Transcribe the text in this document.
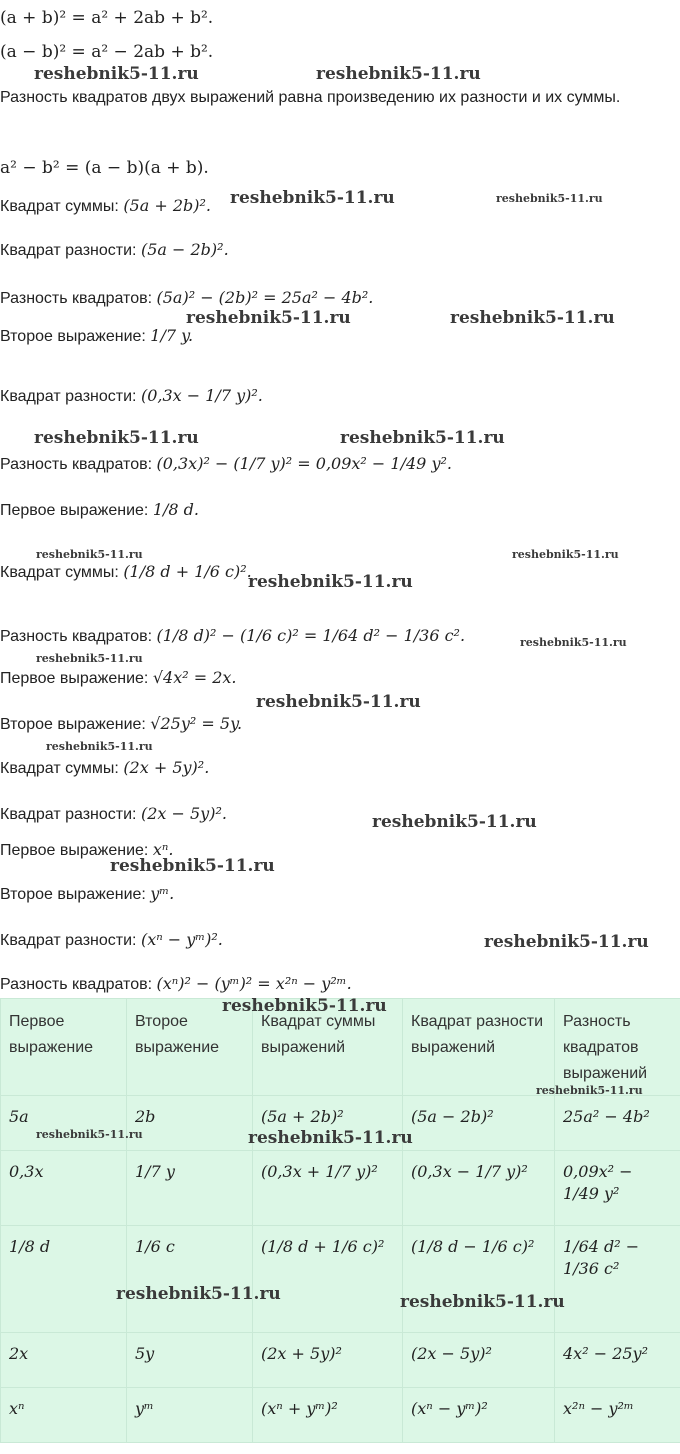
(a + b)² = a² + 2ab + b².
(a − b)² = a² − 2ab + b².
Разность квадратов двух выражений равна произведению их разности и их суммы.
a² − b² = (a − b)(a + b).
Квадрат суммы: (5a + 2b)².
Квадрат разности: (5a − 2b)².
Разность квадратов: (5a)² − (2b)² = 25a² − 4b².
Второе выражение: 1/7 y.
Квадрат разности: (0,3x − 1/7 y)².
Разность квадратов: (0,3x)² − (1/7 y)² = 0,09x² − 1/49 y².
Первое выражение: 1/8 d.
Квадрат суммы: (1/8 d + 1/6 c)².
Разность квадратов: (1/8 d)² − (1/6 c)² = 1/64 d² − 1/36 c².
Первое выражение: √4x² = 2x.
Второе выражение: √25y² = 5y.
Квадрат суммы: (2x + 5y)².
Квадрат разности: (2x − 5y)².
Первое выражение: xⁿ.
Второе выражение: yᵐ.
Квадрат разности: (xⁿ − yᵐ)².
Разность квадратов: (xⁿ)² − (yᵐ)² = x²ⁿ − y²ᵐ.
Первое выражение	Второе выражение	Квадрат суммы выражений	Квадрат разности выражений	Разность квадратов выражений
5a	2b	(5a + 2b)²	(5a − 2b)²	25a² − 4b²
0,3x	1/7 y	(0,3x + 1/7 y)²	(0,3x − 1/7 y)²	0,09x² − 1/49 y²
1/8 d	1/6 c	(1/8 d + 1/6 c)²	(1/8 d − 1/6 c)²	1/64 d² − 1/36 c²
2x	5y	(2x + 5y)²	(2x − 5y)²	4x² − 25y²
xⁿ	yᵐ	(xⁿ + yᵐ)²	(xⁿ − yᵐ)²	x²ⁿ − y²ᵐ
reshebnik5-11.ru	reshebnik5-11.ru
reshebnik5-11.ru	reshebnik5-11.ru
reshebnik5-11.ru	reshebnik5-11.ru
reshebnik5-11.ru	reshebnik5-11.ru
reshebnik5-11.ru	reshebnik5-11.ru
reshebnik5-11.ru
reshebnik5-11.ru
reshebnik5-11.ru
reshebnik5-11.ru
reshebnik5-11.ru
reshebnik5-11.ru
reshebnik5-11.ru
reshebnik5-11.ru
reshebnik5-11.ru
reshebnik5-11.ru
reshebnik5-11.ru	reshebnik5-11.ru
reshebnik5-11.ru	reshebnik5-11.ru
